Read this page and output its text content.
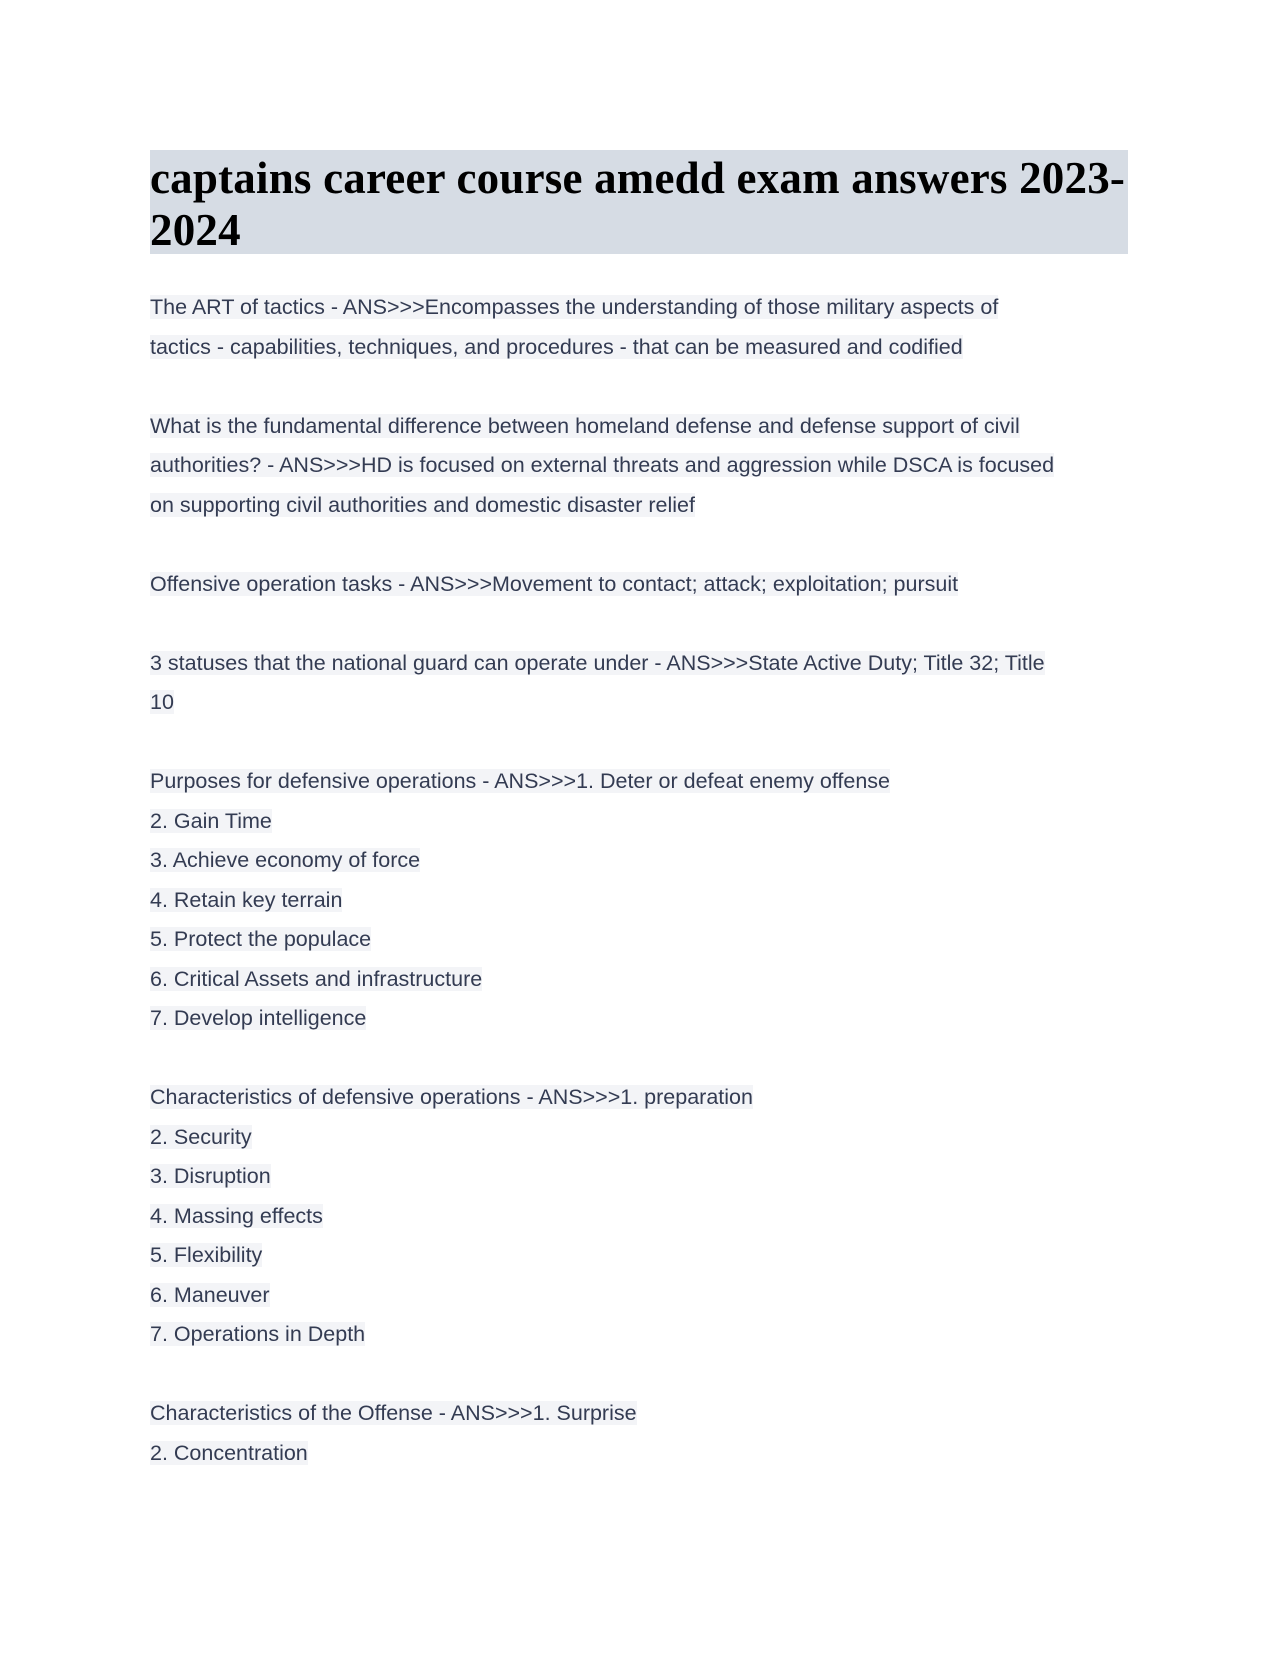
captains career course amedd exam answers 2023-2024
The ART of tactics - ANS>>>Encompasses the understanding of those military aspects of
tactics - capabilities, techniques, and procedures - that can be measured and codified
What is the fundamental difference between homeland defense and defense support of civil
authorities? - ANS>>>HD is focused on external threats and aggression while DSCA is focused
on supporting civil authorities and domestic disaster relief
Offensive operation tasks - ANS>>>Movement to contact; attack; exploitation; pursuit
3 statuses that the national guard can operate under - ANS>>>State Active Duty; Title 32; Title
10
Purposes for defensive operations - ANS>>>1. Deter or defeat enemy offense
2. Gain Time
3. Achieve economy of force
4. Retain key terrain
5. Protect the populace
6. Critical Assets and infrastructure
7. Develop intelligence
Characteristics of defensive operations - ANS>>>1. preparation
2. Security
3. Disruption
4. Massing effects
5. Flexibility
6. Maneuver
7. Operations in Depth
Characteristics of the Offense - ANS>>>1. Surprise
2. Concentration
